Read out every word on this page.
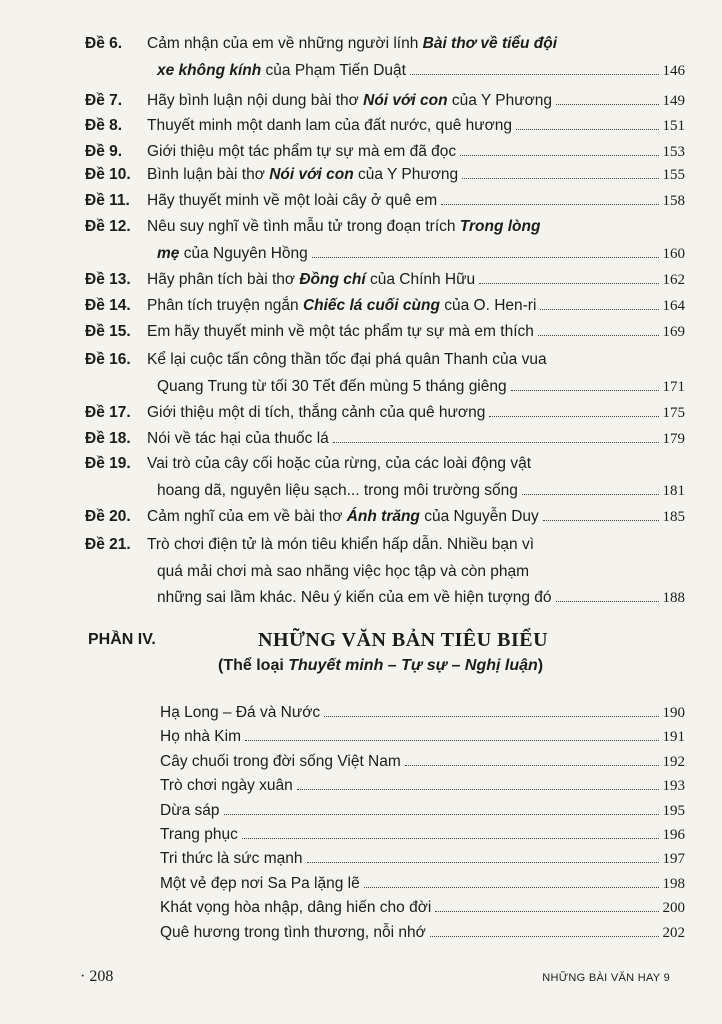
Đề 6.	Cảm nhận của em về những người lính Bài thơ về tiểu đội
xe không kính của Phạm Tiến Duật	146
Đề 7.	Hãy bình luận nội dung bài thơ Nói với con của Y Phương	149
Đề 8.	Thuyết minh một danh lam của đất nước, quê hương	151
Đề 9.	Giới thiệu một tác phẩm tự sự mà em đã đọc	153
Đề 10.	Bình luận bài thơ Nói với con của Y Phương	155
Đề 11.	Hãy thuyết minh về một loài cây ở quê em	158
Đề 12.	Nêu suy nghĩ về tình mẫu tử trong đoạn trích Trong lòng
mẹ của Nguyên Hồng	160
Đề 13.	Hãy phân tích bài thơ Đồng chí của Chính Hữu	162
Đề 14.	Phân tích truyện ngắn Chiếc lá cuối cùng của O. Hen-ri	164
Đề 15.	Em hãy thuyết minh về một tác phẩm tự sự mà em thích	169
Đề 16.	Kể lại cuộc tấn công thần tốc đại phá quân Thanh của vua
Quang Trung từ tối 30 Tết đến mùng 5 tháng giêng	171
Đề 17.	Giới thiệu một di tích, thắng cảnh của quê hương	175
Đề 18.	Nói về tác hại của thuốc lá	179
Đề 19.	Vai trò của cây cối hoặc của rừng, của các loài động vật
hoang dã, nguyên liệu sạch... trong môi trường sống	181
Đề 20.	Cảm nghĩ của em về bài thơ Ánh trăng của Nguyễn Duy	185
Đề 21.	Trò chơi điện tử là món tiêu khiển hấp dẫn. Nhiều bạn vì
quá mải chơi mà sao nhãng việc học tập và còn phạm
những sai lầm khác. Nêu ý kiến của em về hiện tượng đó	188
PHẦN IV.	NHỮNG VĂN BẢN TIÊU BIỂU
(Thể loại Thuyết minh – Tự sự – Nghị luận)
Hạ Long – Đá và Nước	190
Họ nhà Kim	191
Cây chuối trong đời sống Việt Nam	192
Trò chơi ngày xuân	193
Dừa sáp	195
Trang phục	196
Tri thức là sức mạnh	197
Một vẻ đẹp nơi Sa Pa lặng lẽ	198
Khát vọng hòa nhập, dâng hiến cho đời	200
Quê hương trong tình thương, nỗi nhớ	202
· 208	NHỮNG BÀI VĂN HAY 9
